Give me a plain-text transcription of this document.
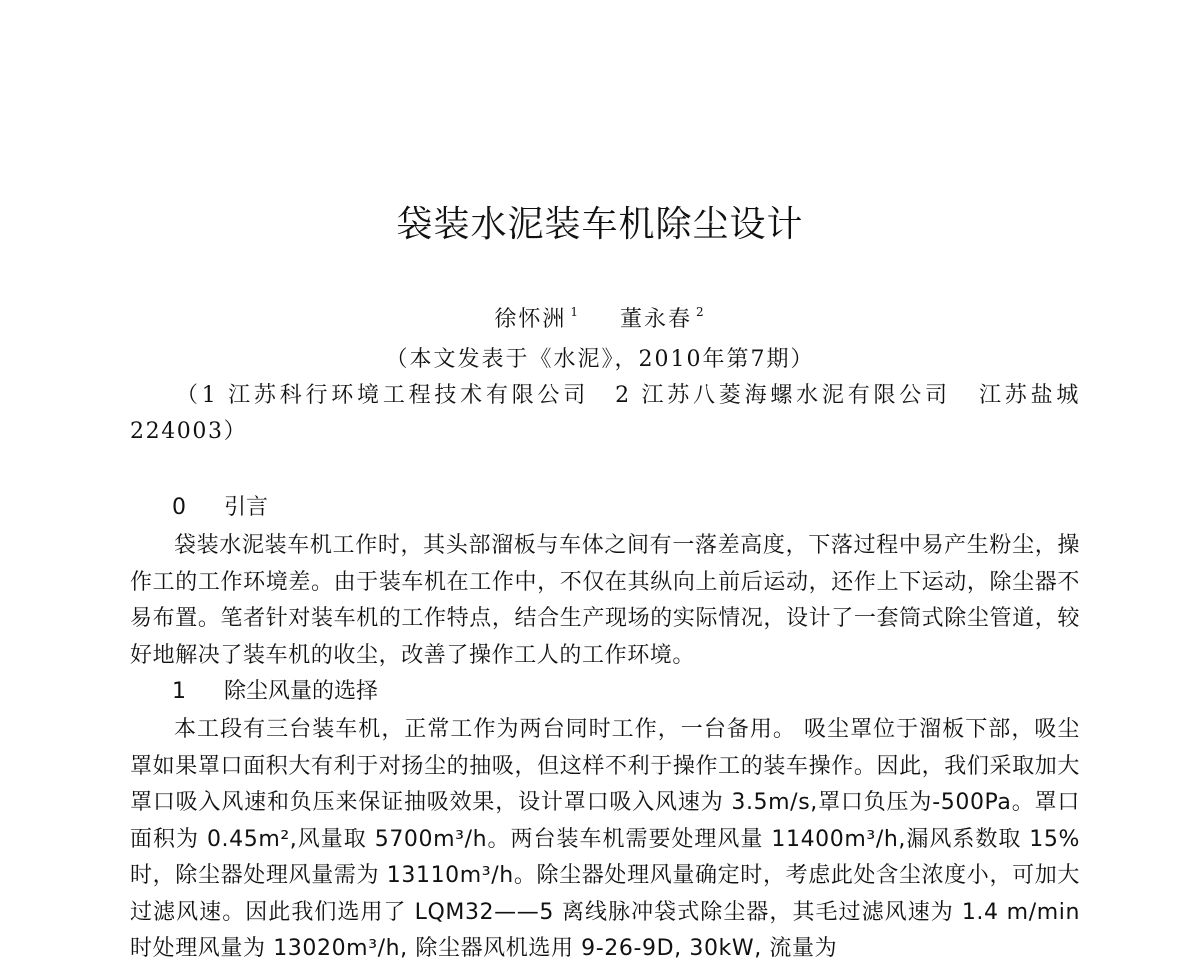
袋装水泥装车机除尘设计
徐怀洲 $^1$ 董永春 $^2$
（本文发表于《水泥》，2010年第7期）
（1 江苏科行环境工程技术有限公司 2 江苏八菱海螺水泥有限公司 江苏盐城 224003）
0 引言

袋装水泥装车机工作时，其头部溜板与车体之间有一落差高度，下落过程中易产生粉尘，操作工的工作环境差。由于装车机在工作中，不仅在其纵向上前后运动，还作上下运动，除尘器不易布置。笔者针对装车机的工作特点，结合生产现场的实际情况，设计了一套筒式除尘管道，较好地解决了装车机的收尘，改善了操作工人的工作环境。

1 除尘风量的选择

本工段有三台装车机，正常工作为两台同时工作，一台备用。 吸尘罩位于溜板下部，吸尘罩如果罩口面积大有利于对扬尘的抽吸，但这样不利于操作工的装车操作。因此，我们采取加大罩口吸入风速和负压来保证抽吸效果，设计罩口吸入风速为 3.5m/s,罩口负压为-500Pa。罩口面积为 0.45m²,风量取 5700m³/h。两台装车机需要处理风量 11400m³/h,漏风系数取 15%时，除尘器处理风量需为 13110m³/h。除尘器处理风量确定时，考虑此处含尘浓度小，可加大过滤风速。因此我们选用了 LQM32——5 离线脉冲袋式除尘器，其毛过滤风速为 1.4 m/min 时处理风量为 13020m³/h, 除尘器风机选用 9-26-9D, 30kW, 流量为
